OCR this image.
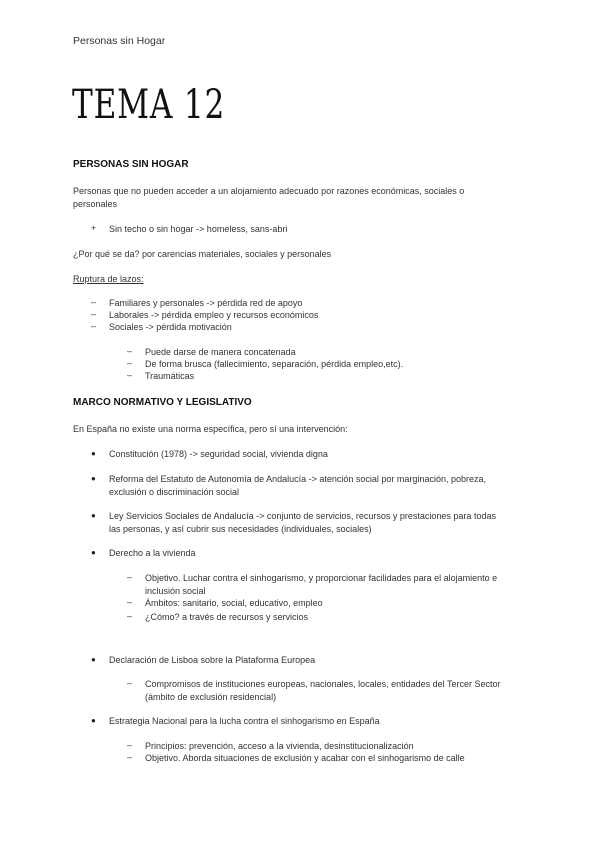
Personas sin Hogar
TEMA 12
PERSONAS SIN HOGAR
Personas que no pueden acceder a un alojamiento adecuado por razones económicas, sociales o
personales
+ Sin techo o sin hogar -> homeless, sans-abri
¿Por qué se da? por carencias materiales, sociales y personales
Ruptura de lazos:
– Familiares y personales -> pérdida red de apoyo
– Laborales -> pérdida empleo y recursos económicos
– Sociales -> pérdida motivación
– Puede darse de manera concatenada
– De forma brusca (fallecimiento, separación, pérdida empleo,etc).
– Traumáticas
MARCO NORMATIVO Y LEGISLATIVO
En España no existe una norma específica, pero sí una intervención:
● Constitución (1978) -> seguridad social, vivienda digna
● Reforma del Estatuto de Autonomía de Andalucía -> atención social por marginación, pobreza,
exclusión o discriminación social
● Ley Servicios Sociales de Andalucía -> conjunto de servicios, recursos y prestaciones para todas
las personas, y así cubrir sus necesidades (individuales, sociales)
● Derecho a la vivienda
– Objetivo. Luchar contra el sinhogarismo, y proporcionar facilidades para el alojamiento e
inclusión social
– Ámbitos: sanitario, social, educativo, empleo
– ¿Cómo? a través de recursos y servicios
● Declaración de Lisboa sobre la Plataforma Europea
– Compromisos de instituciones europeas, nacionales, locales, entidades del Tercer Sector
(ámbito de exclusión residencial)
● Estrategia Nacional para la lucha contra el sinhogarismo en España
– Principios: prevención, acceso a la vivienda, desinstitucionalización
– Objetivo. Aborda situaciones de exclusión y acabar con el sinhogarismo de calle
